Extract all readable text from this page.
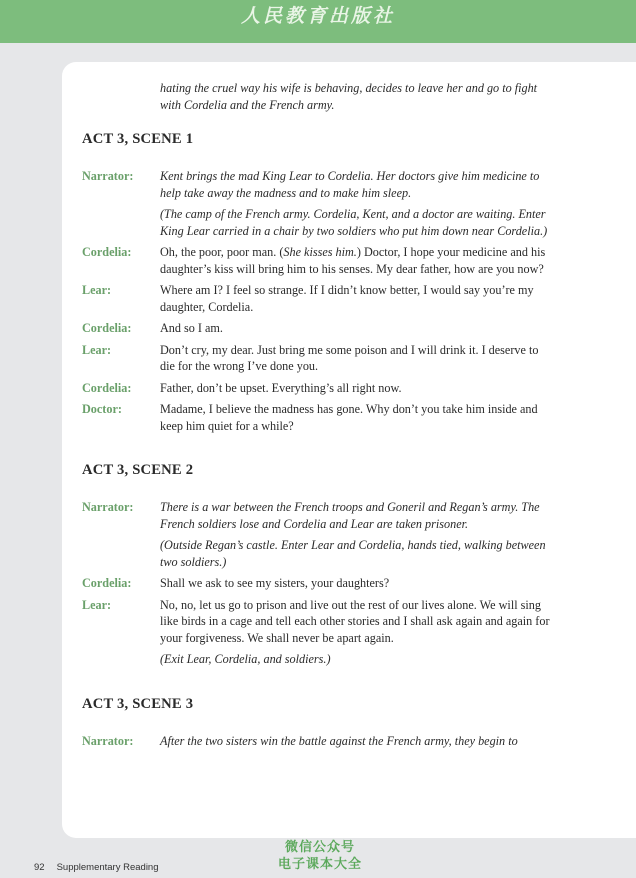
人民教育出版社
hating the cruel way his wife is behaving, decides to leave her and go to fight with Cordelia and the French army.
ACT 3, SCENE 1
Narrator:	Kent brings the mad King Lear to Cordelia. Her doctors give him medicine to help take away the madness and to make him sleep.
(The camp of the French army. Cordelia, Kent, and a doctor are waiting. Enter King Lear carried in a chair by two soldiers who put him down near Cordelia.)
Cordelia:	Oh, the poor, poor man. (She kisses him.) Doctor, I hope your medicine and his daughter’s kiss will bring him to his senses. My dear father, how are you now?
Lear:	Where am I? I feel so strange. If I didn’t know better, I would say you’re my daughter, Cordelia.
Cordelia:	And so I am.
Lear:	Don’t cry, my dear. Just bring me some poison and I will drink it. I deserve to die for the wrong I’ve done you.
Cordelia:	Father, don’t be upset. Everything’s all right now.
Doctor:	Madame, I believe the madness has gone. Why don’t you take him inside and keep him quiet for a while?
ACT 3, SCENE 2
Narrator:	There is a war between the French troops and Goneril and Regan’s army. The French soldiers lose and Cordelia and Lear are taken prisoner.
(Outside Regan’s castle. Enter Lear and Cordelia, hands tied, walking between two soldiers.)
Cordelia:	Shall we ask to see my sisters, your daughters?
Lear:	No, no, let us go to prison and live out the rest of our lives alone. We will sing like birds in a cage and tell each other stories and I shall ask again and again for your forgiveness. We shall never be apart again.
(Exit Lear, Cordelia, and soldiers.)
ACT 3, SCENE 3
Narrator:	After the two sisters win the battle against the French army, they begin to
微信公众号
电子课本大全
92 Supplementary Reading
